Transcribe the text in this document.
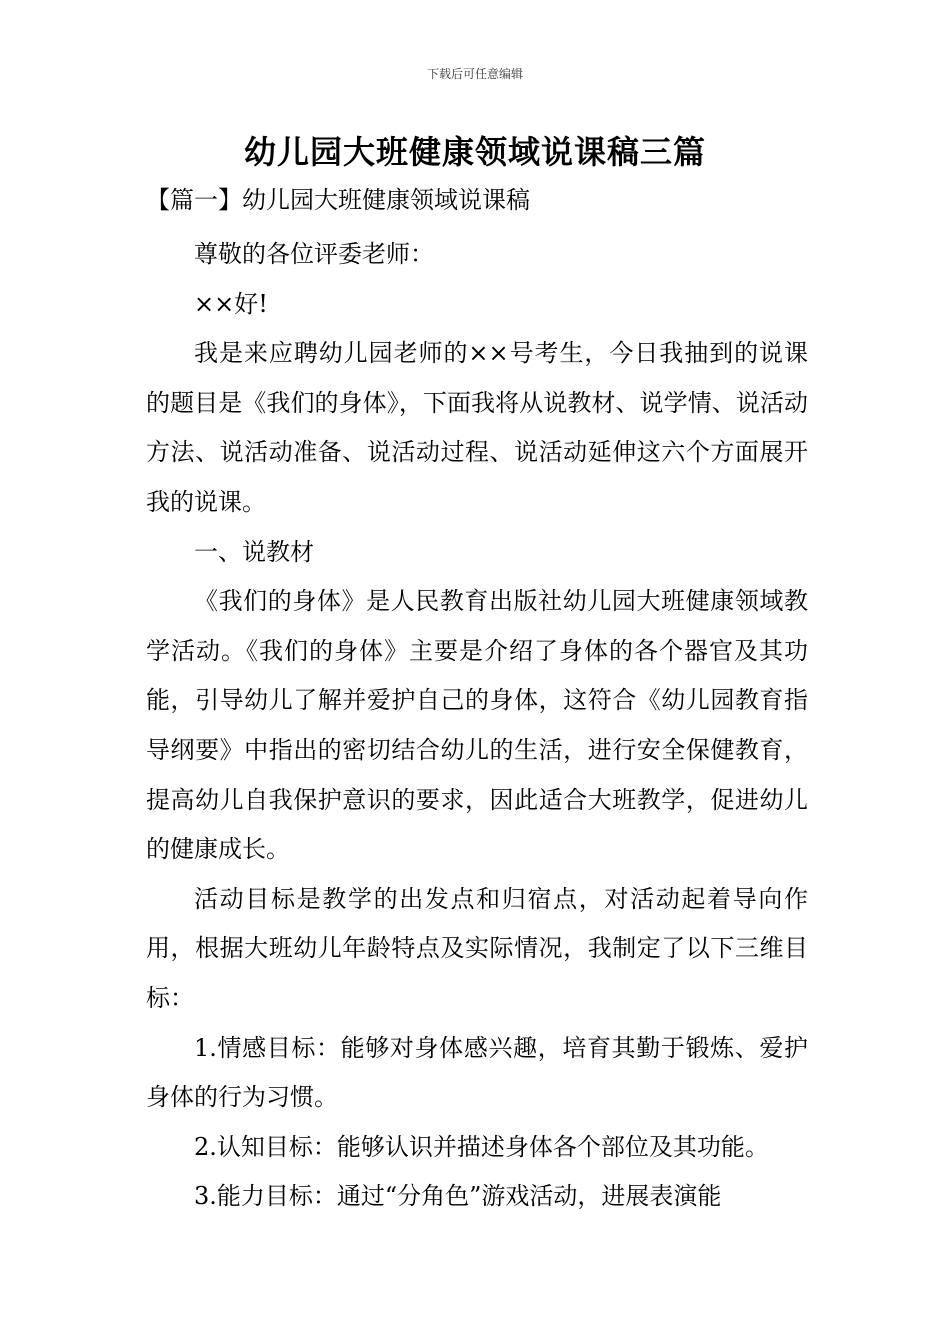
下载后可任意编辑
幼儿园大班健康领域说课稿三篇
【篇一】幼儿园大班健康领域说课稿

尊敬的各位评委老师：

××好!

我是来应聘幼儿园老师的××号考生，今日我抽到的说课的题目是《我们的身体》，下面我将从说教材、说学情、说活动方法、说活动准备、说活动过程、说活动延伸这六个方面展开我的说课。

一、说教材

《我们的身体》是人民教育出版社幼儿园大班健康领域教学活动。《我们的身体》主要是介绍了身体的各个器官及其功能，引导幼儿了解并爱护自己的身体，这符合《幼儿园教育指导纲要》中指出的密切结合幼儿的生活，进行安全保健教育，提高幼儿自我保护意识的要求，因此适合大班教学，促进幼儿的健康成长。

活动目标是教学的出发点和归宿点，对活动起着导向作用，根据大班幼儿年龄特点及实际情况，我制定了以下三维目标：

1.情感目标：能够对身体感兴趣，培育其勤于锻炼、爱护身体的行为习惯。

2.认知目标：能够认识并描述身体各个部位及其功能。

3.能力目标：通过“分角色”游戏活动，进展表演能
